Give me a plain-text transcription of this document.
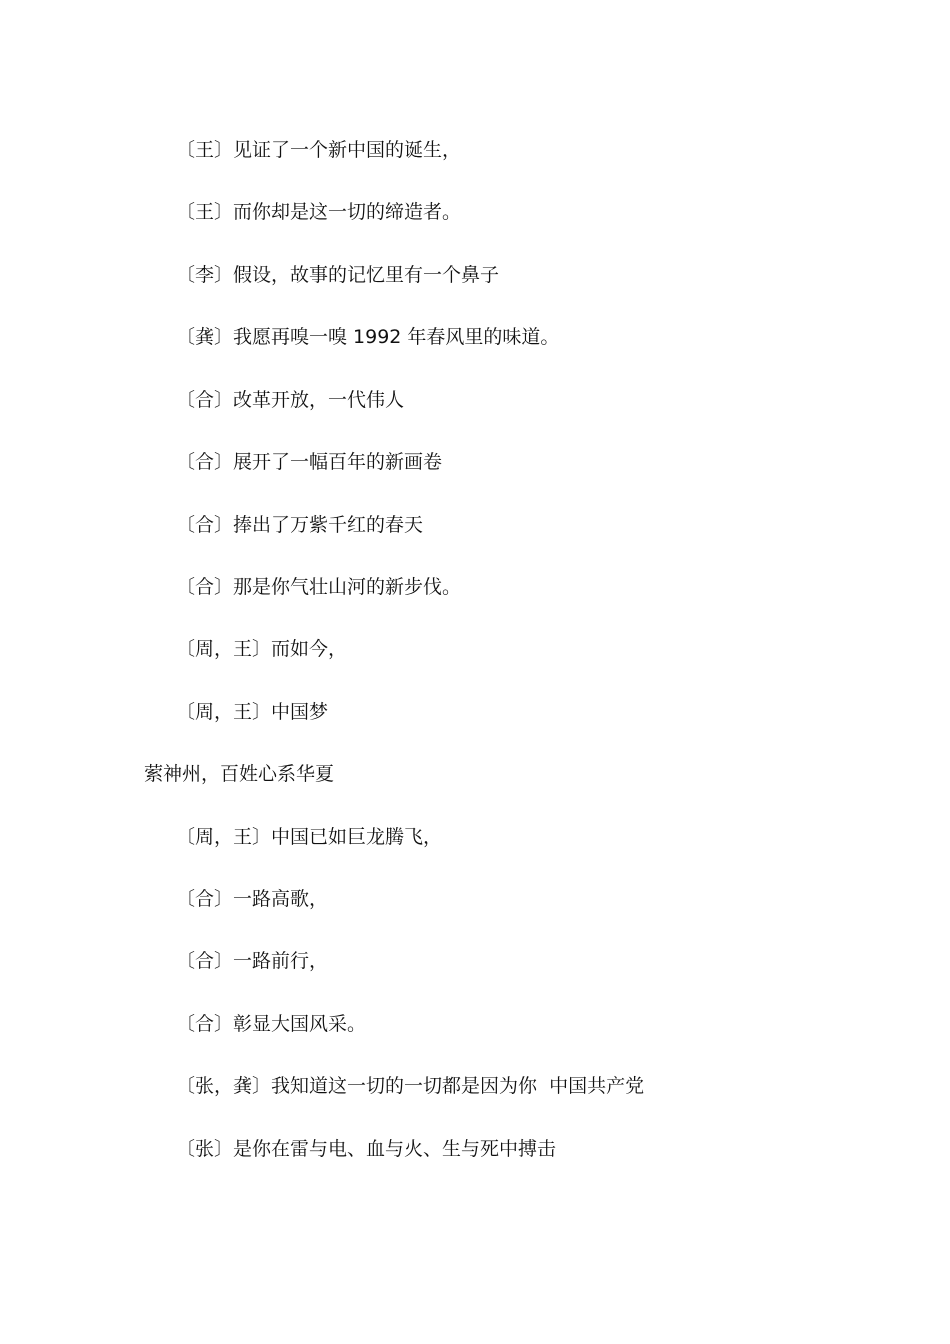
〔王〕见证了一个新中国的诞生，
〔王〕而你却是这一切的缔造者。
〔李〕假设，故事的记忆里有一个鼻子
〔龚〕我愿再嗅一嗅 1992 年春风里的味道。
〔合〕改革开放，一代伟人
〔合〕展开了一幅百年的新画卷
〔合〕捧出了万紫千红的春天
〔合〕那是你气壮山河的新步伐。
〔周，王〕而如今，
〔周，王〕中国梦
萦神州，百姓心系华夏
〔周，王〕中国已如巨龙腾飞，
〔合〕一路高歌，
〔合〕一路前行，
〔合〕彰显大国风采。
〔张，龚〕我知道这一切的一切都是因为你  中国共产党
〔张〕是你在雷与电、血与火、生与死中搏击
